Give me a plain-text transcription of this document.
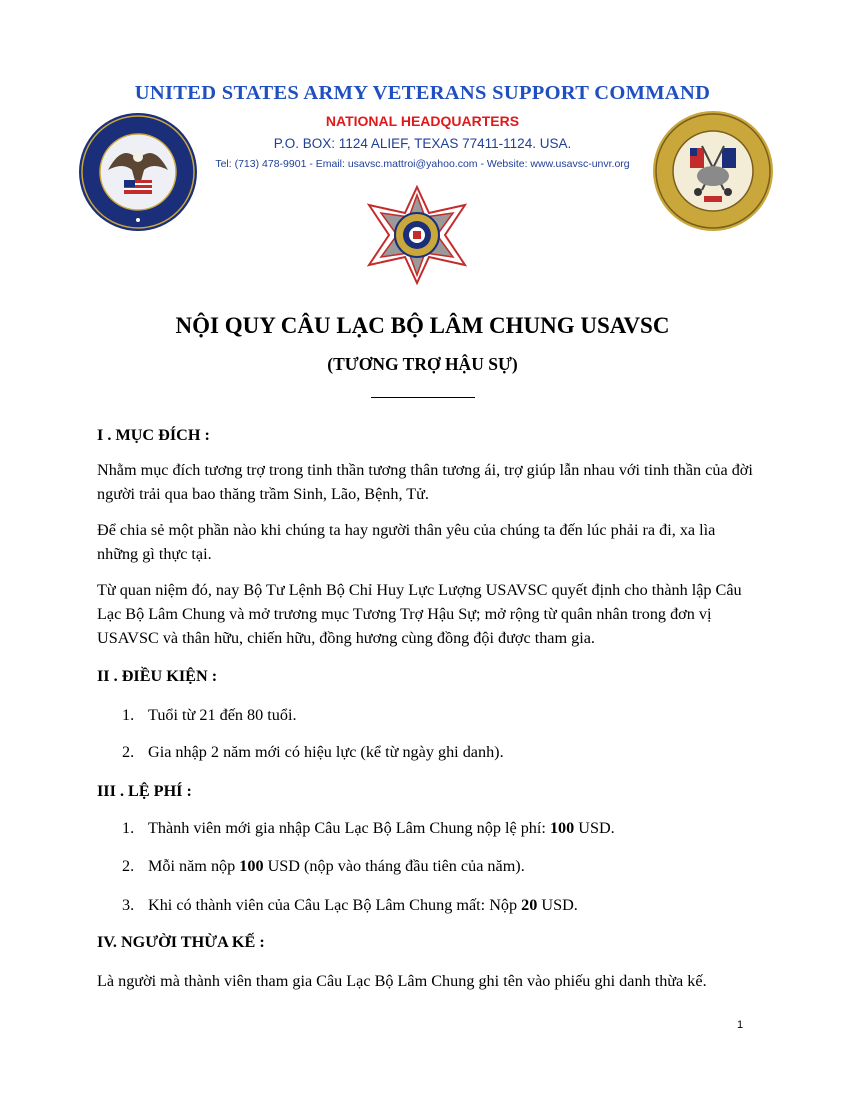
UNITED STATES ARMY VETERANS SUPPORT COMMAND
NATIONAL HEADQUARTERS
P.O. BOX: 1124 ALIEF, TEXAS 77411-1124. USA.
Tel: (713) 478-9901 - Email: usavsc.mattroi@yahoo.com - Website: www.usavsc-unvr.org
NỘI QUY CÂU LẠC BỘ LÂM CHUNG USAVSC
(TƯƠNG TRỢ HẬU SỰ)
I . MỤC ĐÍCH :
Nhằm mục đích tương trợ trong tinh thần tương thân tương ái, trợ giúp lẫn nhau với tinh thần của đời người trải qua bao thăng trầm Sinh, Lão, Bệnh, Tử.
Để chia sẻ một phần nào khi chúng ta hay người thân yêu của chúng ta đến lúc phải ra đi, xa lìa những gì thực tại.
Từ quan niệm đó, nay Bộ Tư Lệnh Bộ Chỉ Huy Lực Lượng USAVSC quyết định cho thành lập Câu Lạc Bộ Lâm Chung và mở trương mục Tương Trợ Hậu Sự; mở rộng từ quân nhân trong đơn vị USAVSC và thân hữu, chiến hữu, đồng hương cùng đồng đội được tham gia.
II . ĐIỀU KIỆN :
1. Tuổi từ 21 đến 80 tuổi.
2. Gia nhập 2 năm mới có hiệu lực (kể từ ngày ghi danh).
III . LỆ PHÍ :
1. Thành viên mới gia nhập Câu Lạc Bộ Lâm Chung nộp lệ phí: 100 USD.
2. Mỗi năm nộp 100 USD (nộp vào tháng đầu tiên của năm).
3. Khi có thành viên của Câu Lạc Bộ Lâm Chung mất: Nộp 20 USD.
IV. NGƯỜI THỪA KẾ :
Là người mà thành viên tham gia Câu Lạc Bộ Lâm Chung ghi tên vào phiếu ghi danh thừa kế.
1
